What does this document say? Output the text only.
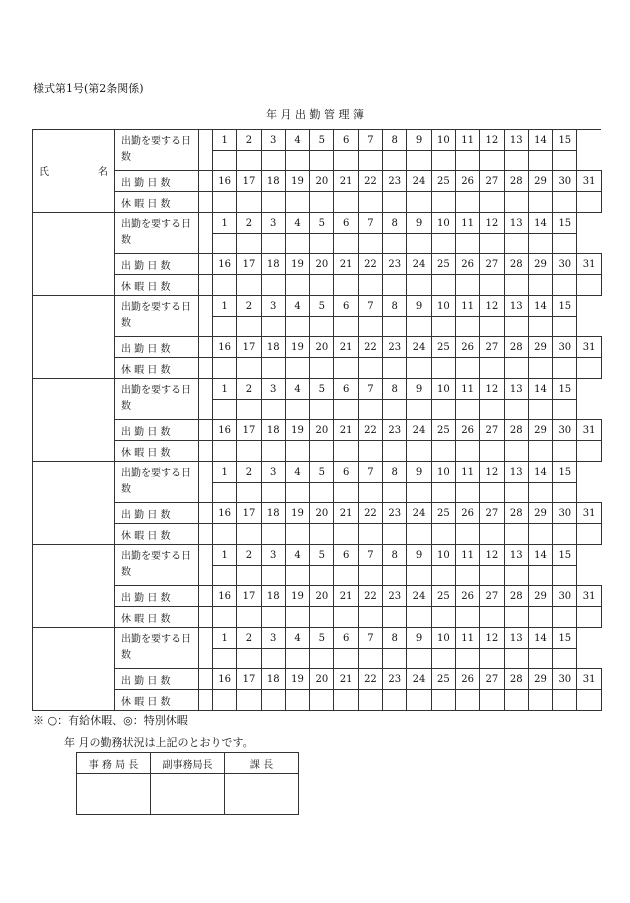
様式第1号(第2条関係)
年 月 出 勤 管 理 簿
氏 名	出勤を要する日数		1	2	3	4	5	6	7	8	9	10	11	12	13	14	15	

	出 勤 日 数		16	17	18	19	20	21	22	23	24	25	26	27	28	29	30	31
	休 暇 日 数																	
	出勤を要する日数		1	2	3	4	5	6	7	8	9	10	11	12	13	14	15	

	出 勤 日 数		16	17	18	19	20	21	22	23	24	25	26	27	28	29	30	31
	休 暇 日 数																	
	出勤を要する日数		1	2	3	4	5	6	7	8	9	10	11	12	13	14	15	

	出 勤 日 数		16	17	18	19	20	21	22	23	24	25	26	27	28	29	30	31
	休 暇 日 数																	
	出勤を要する日数		1	2	3	4	5	6	7	8	9	10	11	12	13	14	15	

	出 勤 日 数		16	17	18	19	20	21	22	23	24	25	26	27	28	29	30	31
	休 暇 日 数																	
	出勤を要する日数		1	2	3	4	5	6	7	8	9	10	11	12	13	14	15	

	出 勤 日 数		16	17	18	19	20	21	22	23	24	25	26	27	28	29	30	31
	休 暇 日 数																	
	出勤を要する日数		1	2	3	4	5	6	7	8	9	10	11	12	13	14	15	

	出 勤 日 数		16	17	18	19	20	21	22	23	24	25	26	27	28	29	30	31
	休 暇 日 数																	
	出勤を要する日数		1	2	3	4	5	6	7	8	9	10	11	12	13	14	15	

	出 勤 日 数		16	17	18	19	20	21	22	23	24	25	26	27	28	29	30	31
	休 暇 日 数																	
※ ○：有給休暇、◎：特別休暇
年 月の勤務状況は上記のとおりです。
事 務 局 長	副事務局長	課 長
